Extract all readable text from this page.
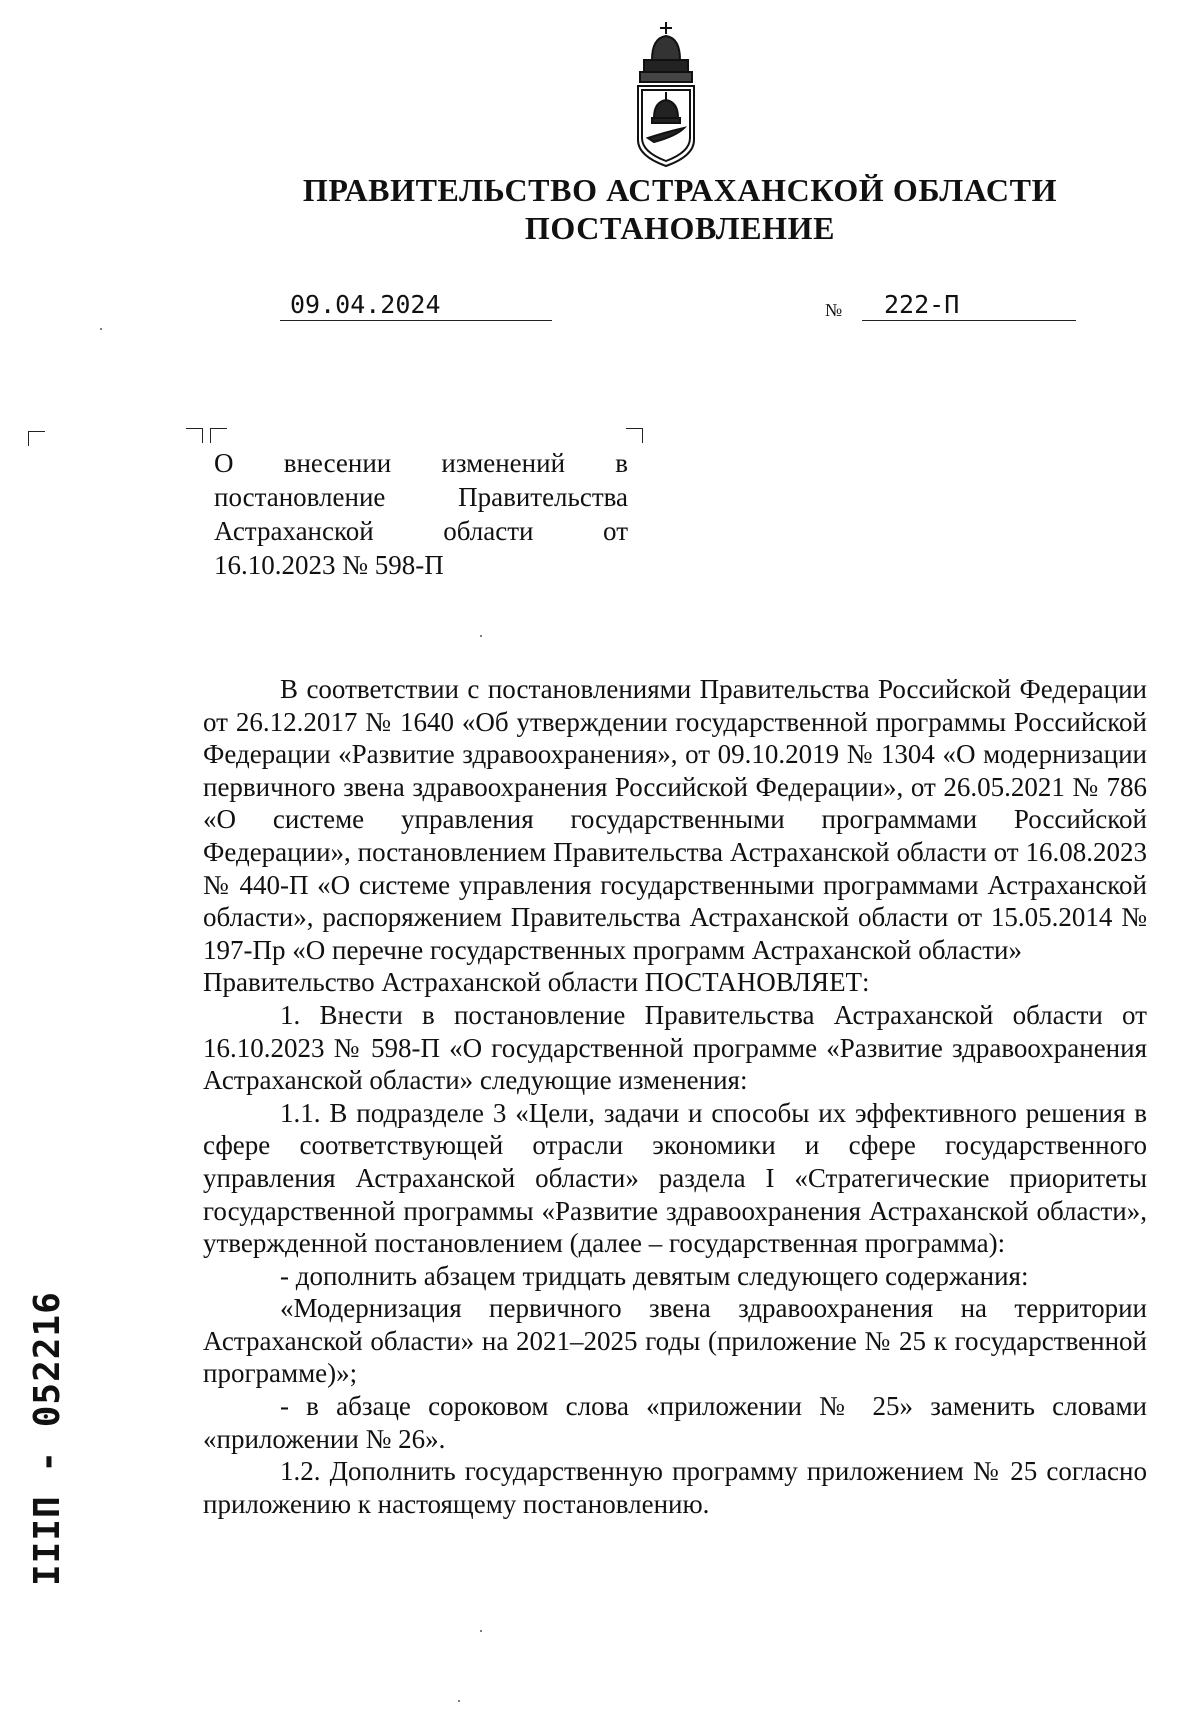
ПРАВИТЕЛЬСТВО АСТРАХАНСКОЙ ОБЛАСТИ
ПОСТАНОВЛЕНИЕ
09.04.2024	№ 222-П
О внесении изменений в постановление Правительства Астраханской области от 16.10.2023 № 598-П

В соответствии с постановлениями Правительства Российской Федерации от 26.12.2017 № 1640 «Об утверждении государственной программы Российской Федерации «Развитие здравоохранения», от 09.10.2019 № 1304 «О модернизации первичного звена здравоохранения Российской Федерации», от 26.05.2021 № 786 «О системе управления государственными программами Российской Федерации», постановлением Правительства Астраханской области от 16.08.2023 № 440-П «О системе управления государственными программами Астраханской области», распоряжением Правительства Астраханской области от 15.05.2014 № 197-Пр «О перечне государственных программ Астраханской области»

Правительство Астраханской области ПОСТАНОВЛЯЕТ:

1. Внести в постановление Правительства Астраханской области от 16.10.2023 № 598-П «О государственной программе «Развитие здравоохранения Астраханской области» следующие изменения:

1.1. В подразделе 3 «Цели, задачи и способы их эффективного решения в сфере соответствующей отрасли экономики и сфере государственного управления Астраханской области» раздела I «Стратегические приоритеты государственной программы «Развитие здравоохранения Астраханской области», утвержденной постановлением (далее – государственная программа):

- дополнить абзацем тридцать девятым следующего содержания:

«Модернизация первичного звена здравоохранения на территории Астраханской области» на 2021–2025 годы (приложение № 25 к государственной программе)»;

- в абзаце сороковом слова «приложении № 25» заменить словами «приложении № 26».

1.2. Дополнить государственную программу приложением № 25 согласно приложению к настоящему постановлению.

ІІІП - 052216
